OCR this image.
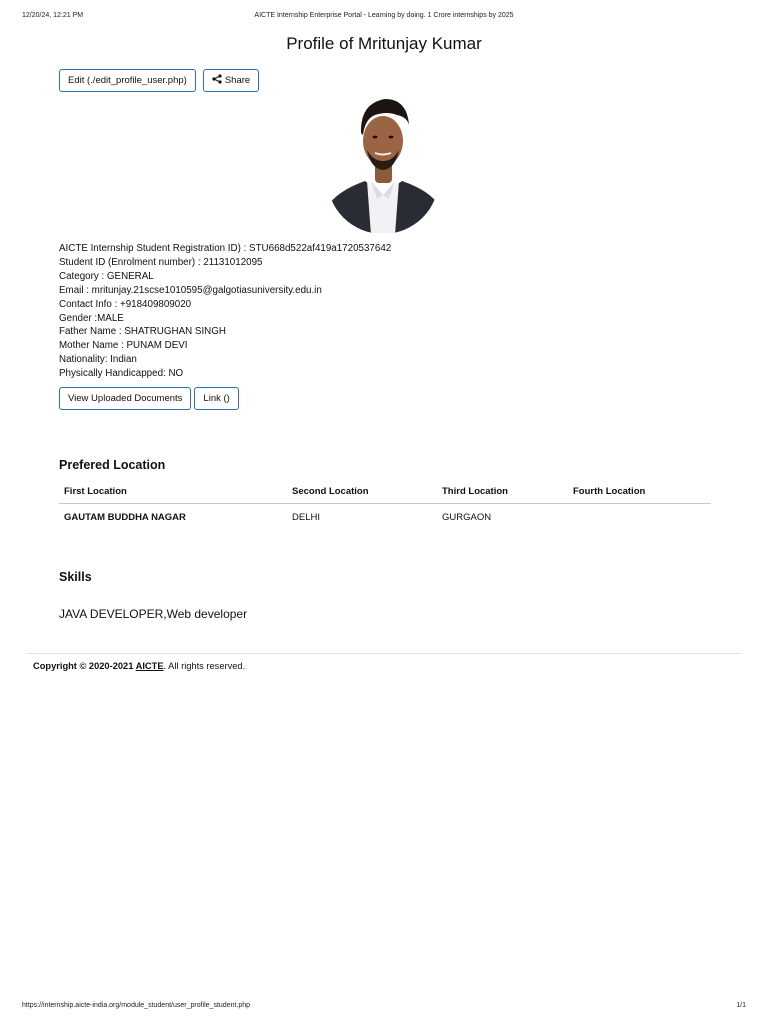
12/20/24, 12:21 PM	AICTE Internship Enterprise Portal - Learning by doing. 1 Crore internships by 2025
Profile of Mritunjay Kumar
Edit (./edit_profile_user.php)	Share
AICTE Internship Student Registration ID) : STU668d522af419a1720537642
Student ID (Enrolment number) : 21131012095
Category : GENERAL
Email : mritunjay.21scse1010595@galgotiasuniversity.edu.in
Contact Info : +918409809020
Gender :MALE
Father Name : SHATRUGHAN SINGH
Mother Name : PUNAM DEVI
Nationality: Indian
Physically Handicapped: NO
View Uploaded Documents	Link ()
Prefered Location
First Location	Second Location	Third Location	Fourth Location
GAUTAM BUDDHA NAGAR	DELHI	GURGAON	
Skills
JAVA DEVELOPER,Web developer
Copyright © 2020-2021 AICTE. All rights reserved.
https://internship.aicte-india.org/module_student/user_profile_student.php	1/1
